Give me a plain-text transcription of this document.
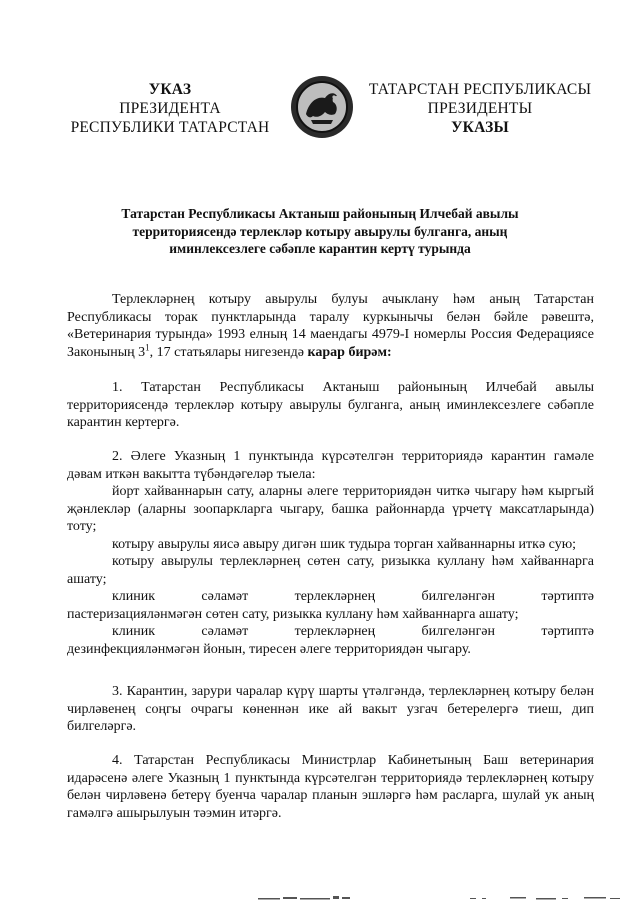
УКАЗ
ПРЕЗИДЕНТА
РЕСПУБЛИКИ ТАТАРСТАН
ТАТАРСТАН РЕСПУБЛИКАСЫ
ПРЕЗИДЕНТЫ
УКАЗЫ
Татарстан Республикасы Актаныш районының Илчебай авылы
территориясендә терлекләр котыру авырулы булганга, аның
иминлексезлеге сәбәпле карантин кертү турында

Терлекләрнең котыру авырулы булуы ачыклану һәм аның Татарстан Республикасы торак пунктларында таралу куркынычы белән бәйле рәвештә, «Ветеринария турында» 1993 елның 14 маендагы 4979-I номерлы Россия Федерациясе Законының $3^1$, 17 статьялары нигезендә карар бирәм:

1. Татарстан Республикасы Актаныш районының Илчебай авылы территориясендә терлекләр котыру авырулы булганга, аның иминлексезлеге сәбәпле карантин кертергә.

2. Әлеге Указның 1 пунктында күрсәтелгән территориядә карантин гамәле дәвам иткән вакытта түбәндәгеләр тыела:

йорт хайваннарын сату, аларны әлеге территориядән читкә чыгару һәм кыргый җәнлекләр (аларны зоопаркларга чыгару, башка районнарда үрчетү максатларында) тоту;

котыру авырулы яисә авыру дигән шик тудыра торган хайваннарны иткә сую;

котыру авырулы терлекләрнең сөтен сату, ризыкка куллану һәм хайваннарга ашату;

клиник	сәламәт	терлекләрнең	билгеләнгән	тәртиптә

пастеризацияләнмәгән сөтен сату, ризыкка куллану һәм хайваннарга ашату;

клиник	сәламәт	терлекләрнең	билгеләнгән	тәртиптә

дезинфекцияләнмәгән йонын, тиресен әлеге территориядән чыгару.

3. Карантин, зарури чаралар күрү шарты үтәлгәндә, терлекләрнең котыру белән чирләвенең соңгы очрагы көненнән ике ай вакыт узгач бетерелергә тиеш, дип билгеләргә.

4. Татарстан Республикасы Министрлар Кабинетының Баш ветеринария идарәсенә әлеге Указның 1 пунктында күрсәтелгән территориядә терлекләрнең котыру белән чирләвенә бетерү буенча чаралар планын эшләргә һәм расларга, шулай ук аның гамәлгә ашырылуын тәэмин итәргә.
